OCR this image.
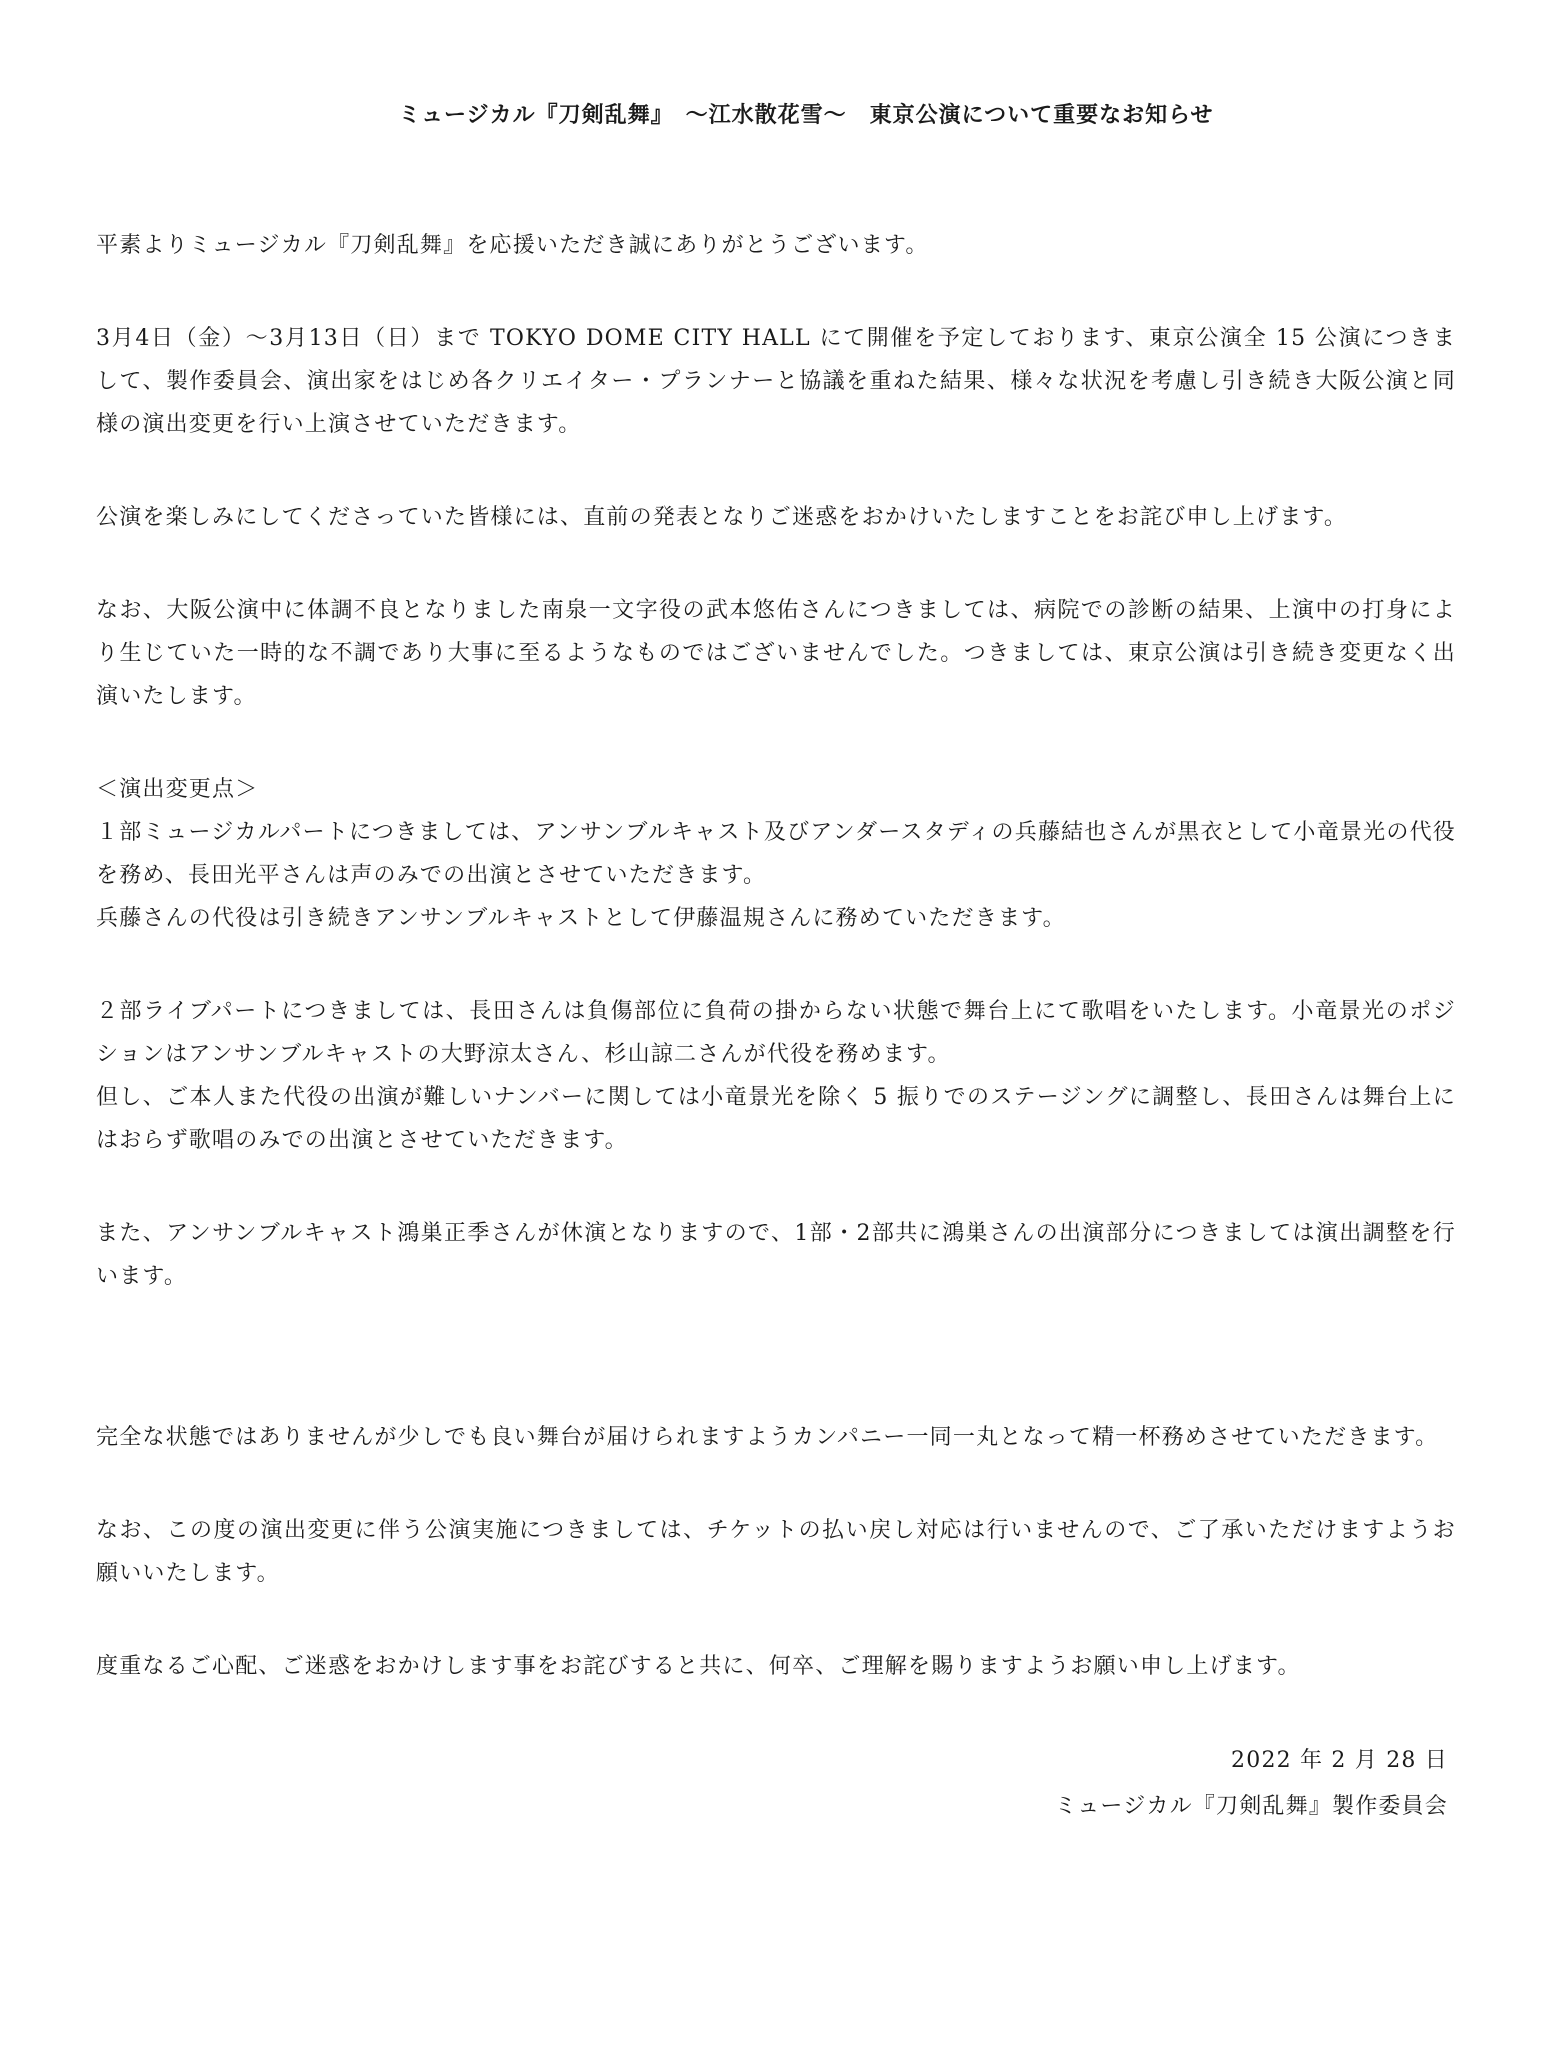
ミュージカル『刀剣乱舞』　〜江水散花雪〜　東京公演について重要なお知らせ

平素よりミュージカル『刀剣乱舞』を応援いただき誠にありがとうございます。

3月4日（金）〜3月13日（日）まで TOKYO DOME CITY HALL にて開催を予定しております、東京公演全 15 公演につきまして、製作委員会、演出家をはじめ各クリエイター・プランナーと協議を重ねた結果、様々な状況を考慮し引き続き大阪公演と同様の演出変更を行い上演させていただきます。

公演を楽しみにしてくださっていた皆様には、直前の発表となりご迷惑をおかけいたしますことをお詫び申し上げます。

なお、大阪公演中に体調不良となりました南泉一文字役の武本悠佑さんにつきましては、病院での診断の結果、上演中の打身により生じていた一時的な不調であり大事に至るようなものではございませんでした。つきましては、東京公演は引き続き変更なく出演いたします。

＜演出変更点＞
１部ミュージカルパートにつきましては、アンサンブルキャスト及びアンダースタディの兵藤結也さんが黒衣として小竜景光の代役を務め、長田光平さんは声のみでの出演とさせていただきます。
兵藤さんの代役は引き続きアンサンブルキャストとして伊藤温規さんに務めていただきます。

２部ライブパートにつきましては、長田さんは負傷部位に負荷の掛からない状態で舞台上にて歌唱をいたします。小竜景光のポジションはアンサンブルキャストの大野涼太さん、杉山諒二さんが代役を務めます。
但し、ご本人また代役の出演が難しいナンバーに関しては小竜景光を除く 5 振りでのステージングに調整し、長田さんは舞台上にはおらず歌唱のみでの出演とさせていただきます。

また、アンサンブルキャスト鴻巣正季さんが休演となりますので、1部・2部共に鴻巣さんの出演部分につきましては演出調整を行います。

完全な状態ではありませんが少しでも良い舞台が届けられますようカンパニー一同一丸となって精一杯務めさせていただきます。

なお、この度の演出変更に伴う公演実施につきましては、チケットの払い戻し対応は行いませんので、ご了承いただけますようお願いいたします。

度重なるご心配、ご迷惑をおかけします事をお詫びすると共に、何卒、ご理解を賜りますようお願い申し上げます。

2022 年 2 月 28 日
ミュージカル『刀剣乱舞』製作委員会
